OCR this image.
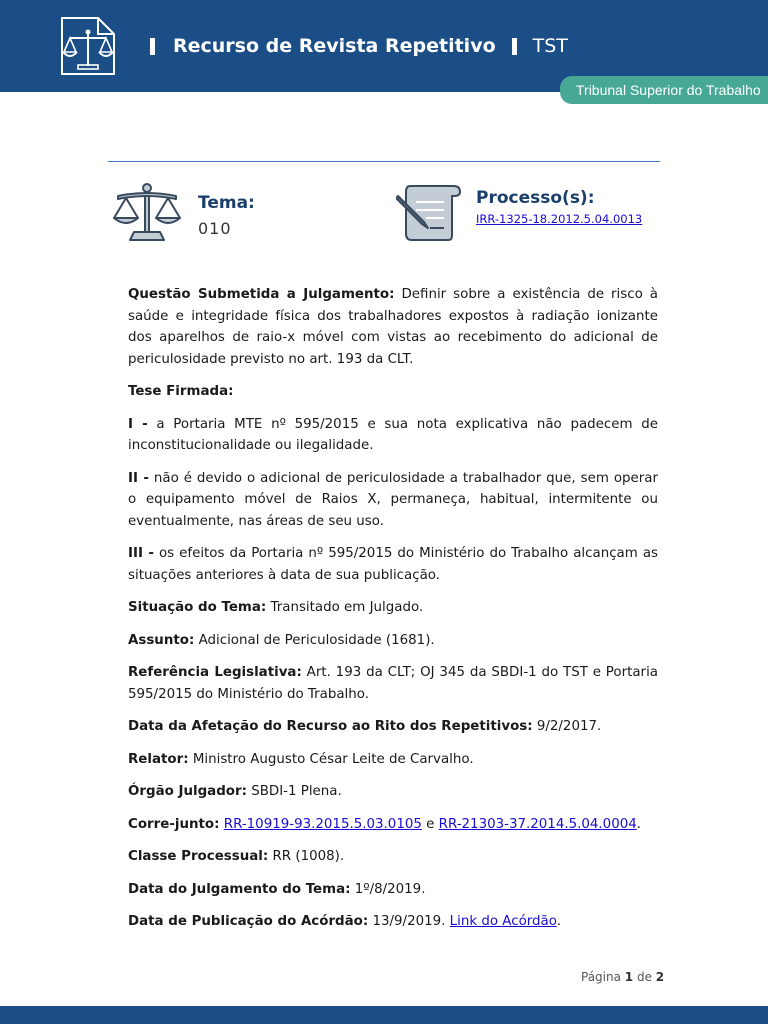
Recurso de Revista Repetitivo TST
Tribunal Superior do Trabalho
Tema:
010
Processo(s):
IRR-1325-18.2012.5.04.0013

Questão Submetida a Julgamento: Definir sobre a existência de risco à saúde e integridade física dos trabalhadores expostos à radiação ionizante dos aparelhos de raio-x móvel com vistas ao recebimento do adicional de periculosidade previsto no art. 193 da CLT.

Tese Firmada:

I - a Portaria MTE nº 595/2015 e sua nota explicativa não padecem de inconstitucionalidade ou ilegalidade.

II - não é devido o adicional de periculosidade a trabalhador que, sem operar o equipamento móvel de Raios X, permaneça, habitual, intermitente ou eventualmente, nas áreas de seu uso.

III - os efeitos da Portaria nº 595/2015 do Ministério do Trabalho alcançam as situações anteriores à data de sua publicação.

Situação do Tema: Transitado em Julgado.

Assunto: Adicional de Periculosidade (1681).

Referência Legislativa: Art. 193 da CLT; OJ 345 da SBDI-1 do TST e Portaria 595/2015 do Ministério do Trabalho.

Data da Afetação do Recurso ao Rito dos Repetitivos: 9/2/2017.

Relator: Ministro Augusto César Leite de Carvalho.

Órgão Julgador: SBDI-1 Plena.

Corre-junto: RR-10919-93.2015.5.03.0105 e RR-21303-37.2014.5.04.0004.

Classe Processual: RR (1008).

Data do Julgamento do Tema: 1º/8/2019.

Data de Publicação do Acórdão: 13/9/2019. Link do Acórdão.

Página 1 de 2
